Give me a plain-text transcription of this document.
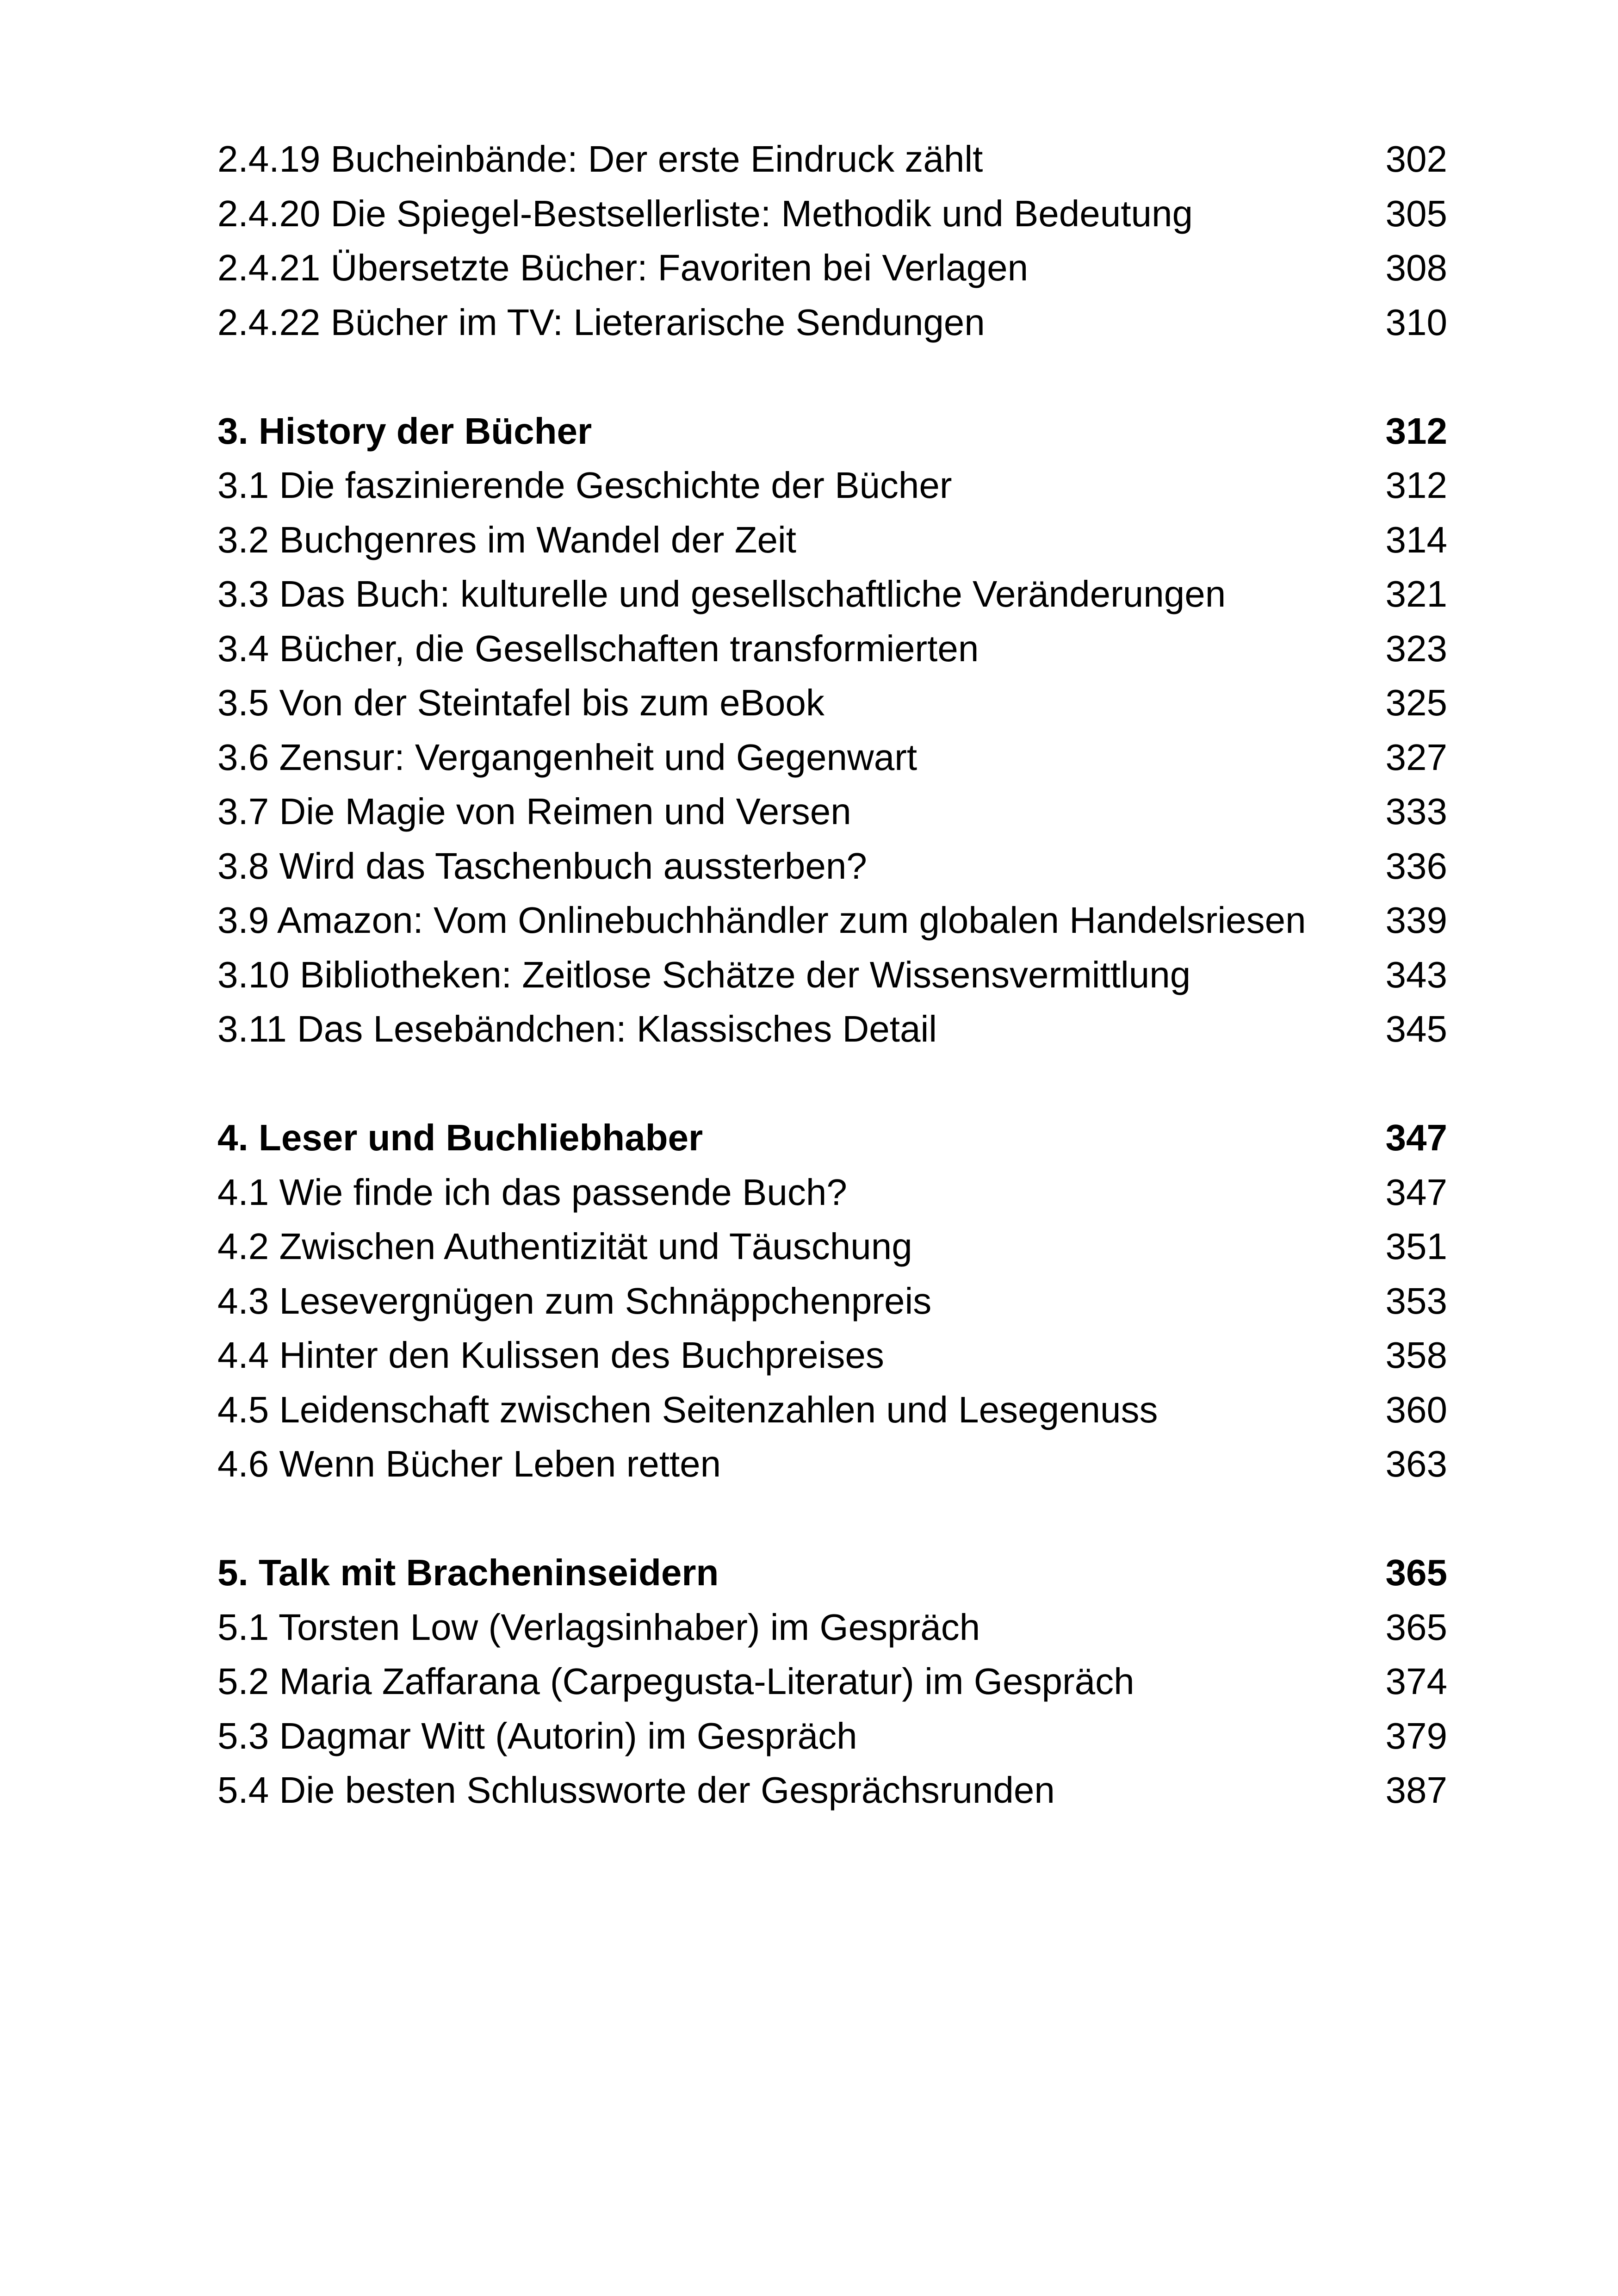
2.4.19 Bucheinbände: Der erste Eindruck zählt	302
2.4.20 Die Spiegel-Bestsellerliste: Methodik und Bedeutung	305
2.4.21 Übersetzte Bücher: Favoriten bei Verlagen	308
2.4.22 Bücher im TV: Lieterarische Sendungen	310
3. History der Bücher	312
3.1 Die faszinierende Geschichte der Bücher	312
3.2 Buchgenres im Wandel der Zeit	314
3.3 Das Buch: kulturelle und gesellschaftliche Veränderungen	321
3.4 Bücher, die Gesellschaften transformierten	323
3.5 Von der Steintafel bis zum eBook	325
3.6 Zensur: Vergangenheit und Gegenwart	327
3.7 Die Magie von Reimen und Versen	333
3.8 Wird das Taschenbuch aussterben?	336
3.9 Amazon: Vom Onlinebuchhändler zum globalen Handelsriesen 339
3.10 Bibliotheken: Zeitlose Schätze der Wissensvermittlung	343
3.11 Das Lesebändchen: Klassisches Detail	345
4. Leser und Buchliebhaber	347
4.1 Wie finde ich das passende Buch?	347
4.2 Zwischen Authentizität und Täuschung	351
4.3 Lesevergnügen zum Schnäppchenpreis	353
4.4 Hinter den Kulissen des Buchpreises	358
4.5 Leidenschaft zwischen Seitenzahlen und Lesegenuss	360
4.6 Wenn Bücher Leben retten	363
5. Talk mit Bracheninseidern	365
5.1 Torsten Low (Verlagsinhaber) im Gespräch	365
5.2 Maria Zaffarana (Carpegusta-Literatur) im Gespräch	374
5.3 Dagmar Witt (Autorin) im Gespräch	379
5.4 Die besten Schlussworte der Gesprächsrunden	387
